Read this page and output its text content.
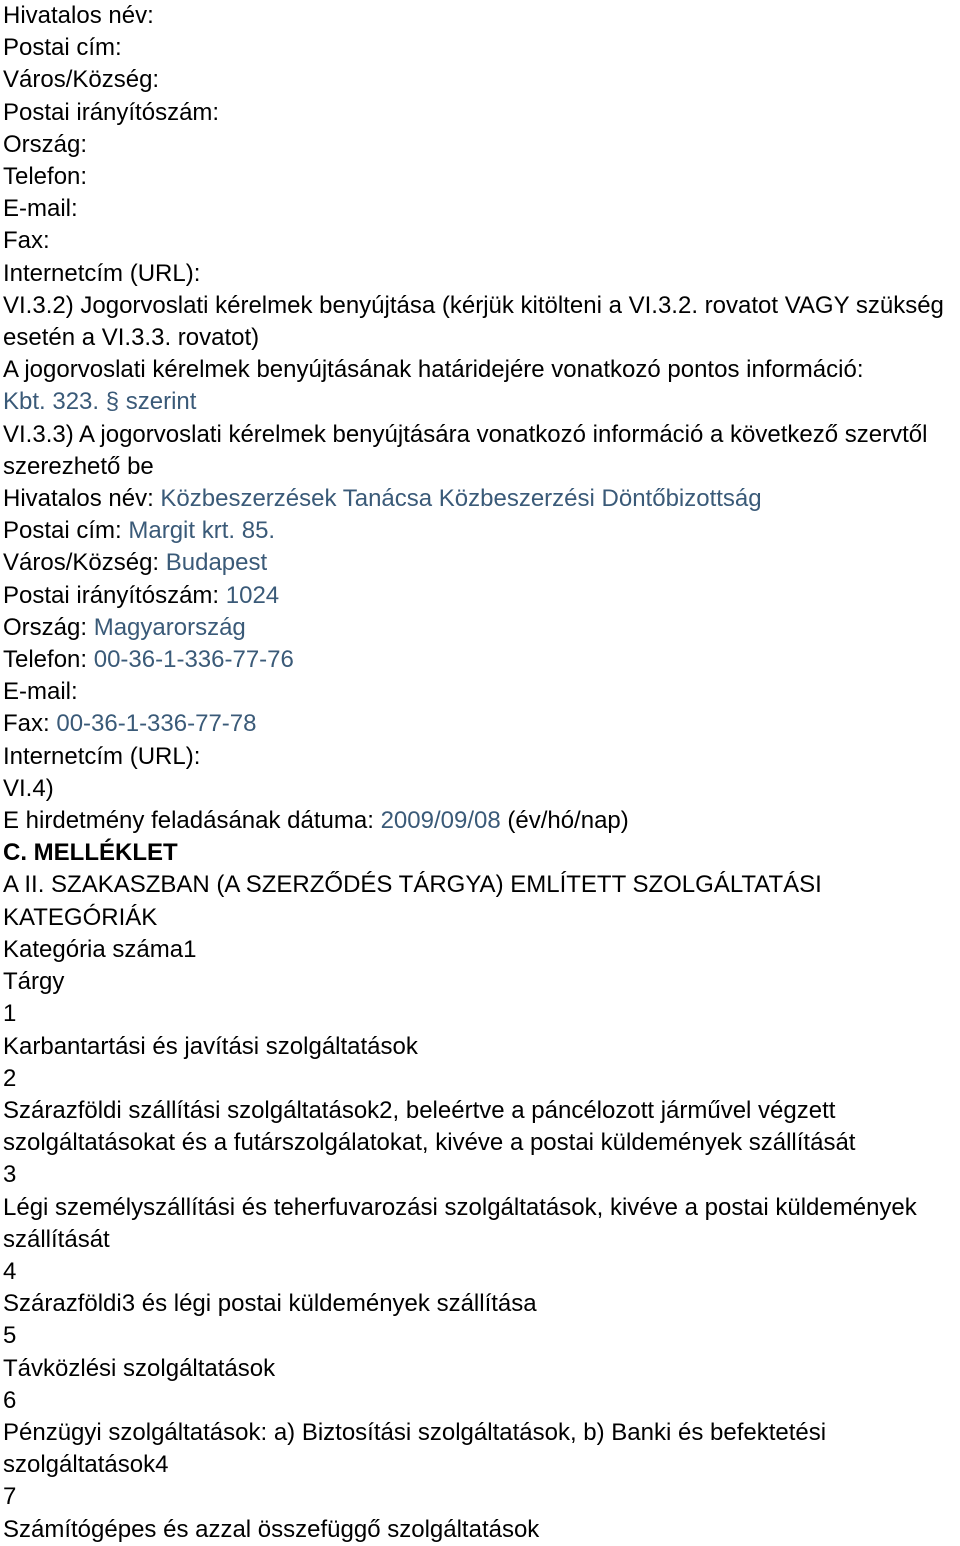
Hivatalos név:

Postai cím:

Város/Község:

Postai irányítószám:

Ország:

Telefon:

E-mail:

Fax:

Internetcím (URL):

VI.3.2) Jogorvoslati kérelmek benyújtása (kérjük kitölteni a VI.3.2. rovatot VAGY szükség esetén a VI.3.3. rovatot)

A jogorvoslati kérelmek benyújtásának határidejére vonatkozó pontos információ:

Kbt. 323. § szerint

VI.3.3) A jogorvoslati kérelmek benyújtására vonatkozó információ a következő szervtől szerezhető be

Hivatalos név: Közbeszerzések Tanácsa Közbeszerzési Döntőbizottság

Postai cím: Margit krt. 85.

Város/Község: Budapest

Postai irányítószám: 1024

Ország: Magyarország

Telefon: 00-36-1-336-77-76

E-mail:

Fax: 00-36-1-336-77-78

Internetcím (URL):

VI.4)

E hirdetmény feladásának dátuma: 2009/09/08 (év/hó/nap)

C. MELLÉKLET

A II. SZAKASZBAN (A SZERZŐDÉS TÁRGYA) EMLÍTETT SZOLGÁLTATÁSI KATEGÓRIÁK

Kategória száma1

Tárgy

1

Karbantartási és javítási szolgáltatások

2

Szárazföldi szállítási szolgáltatások2, beleértve a páncélozott járművel végzett szolgáltatásokat és a futárszolgálatokat, kivéve a postai küldemények szállítását

3

Légi személyszállítási és teherfuvarozási szolgáltatások, kivéve a postai küldemények szállítását

4

Szárazföldi3 és légi postai küldemények szállítása

5

Távközlési szolgáltatások

6

Pénzügyi szolgáltatások: a) Biztosítási szolgáltatások, b) Banki és befektetési szolgáltatások4

7

Számítógépes és azzal összefüggő szolgáltatások
